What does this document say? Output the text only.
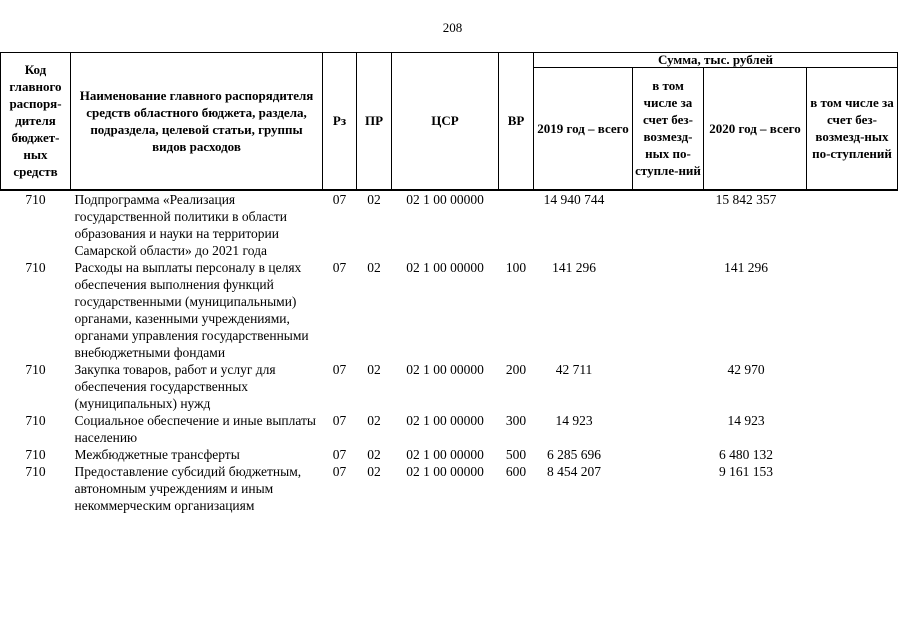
208
Код главного распоря-дителя бюджет-ных средств	Наименование главного распорядителя средств областного бюджета, раздела, подраздела, целевой статьи, группы видов расходов	Рз	ПР	ЦСР	ВР	Сумма, тыс. рублей			
						2019 год – всего	в том числе за счет без-возмезд-ных по-ступле-ний	2020 год – всего	в том числе за счет без-возмезд-ных по-ступлений
710	Подпрограмма «Реализация государственной политики в области образования и науки на территории Самарской области» до 2021 года	07	02	02 1 00 00000		14 940 744		15 842 357	
710	Расходы на выплаты персоналу в целях обеспечения выполнения функций государственными (муниципальными) органами, казенными учреждениями, органами управления государственными внебюджетными фондами	07	02	02 1 00 00000	100	141 296		141 296	
710	Закупка товаров, работ и услуг для обеспечения государственных (муниципальных) нужд	07	02	02 1 00 00000	200	42 711		42 970	
710	Социальное обеспечение и иные выплаты населению	07	02	02 1 00 00000	300	14 923		14 923	
710	Межбюджетные трансферты	07	02	02 1 00 00000	500	6 285 696		6 480 132	
710	Предоставление субсидий бюджетным, автономным учреждениям и иным некоммерческим организациям	07	02	02 1 00 00000	600	8 454 207		9 161 153	
